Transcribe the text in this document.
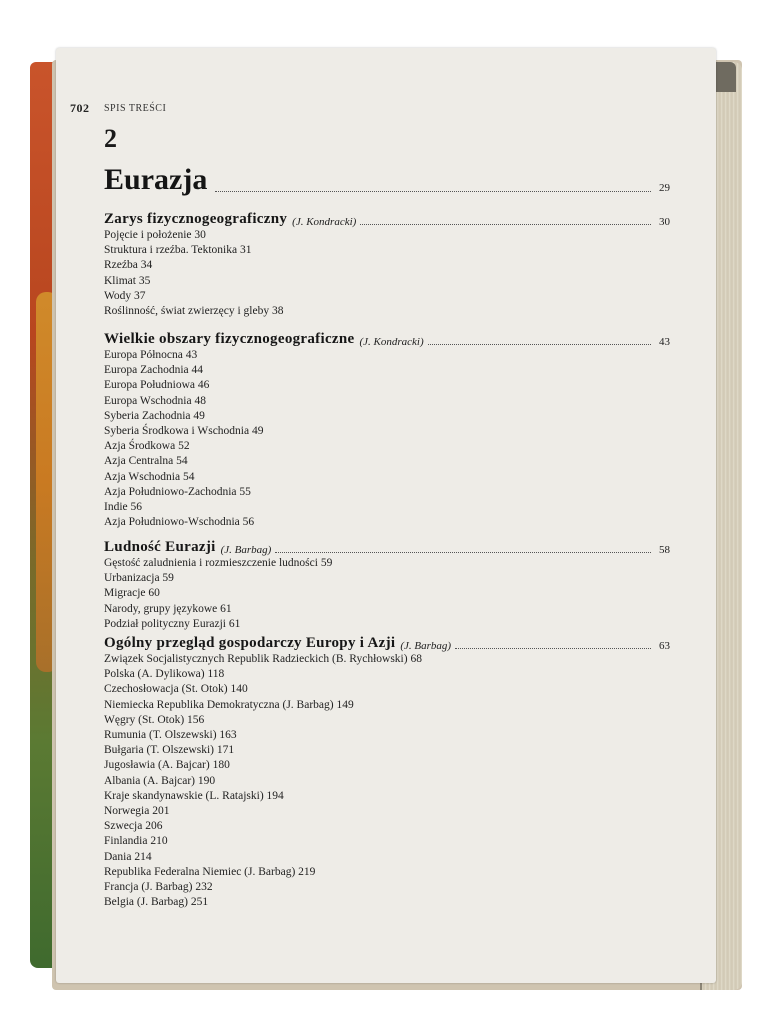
702 SPIS TREŚCI
2
Eurazja	29
Zarys fizycznogeograficzny (J. Kondracki)	30
Pojęcie i położenie 30
Struktura i rzeźba. Tektonika 31
Rzeźba 34
Klimat 35
Wody 37
Roślinność, świat zwierzęcy i gleby 38
Wielkie obszary fizycznogeograficzne (J. Kondracki)	43
Europa Północna 43
Europa Zachodnia 44
Europa Południowa 46
Europa Wschodnia 48
Syberia Zachodnia 49
Syberia Środkowa i Wschodnia 49
Azja Środkowa 52
Azja Centralna 54
Azja Wschodnia 54
Azja Południowo-Zachodnia 55
Indie 56
Azja Południowo-Wschodnia 56
Ludność Eurazji (J. Barbag)	58
Gęstość zaludnienia i rozmieszczenie ludności 59
Urbanizacja 59
Migracje 60
Narody, grupy językowe 61
Podział polityczny Eurazji 61
Ogólny przegląd gospodarczy Europy i Azji (J. Barbag)	63
Związek Socjalistycznych Republik Radzieckich (B. Rychłowski) 68
Polska (A. Dylikowa) 118
Czechosłowacja (St. Otok) 140
Niemiecka Republika Demokratyczna (J. Barbag) 149
Węgry (St. Otok) 156
Rumunia (T. Olszewski) 163
Bułgaria (T. Olszewski) 171
Jugosławia (A. Bajcar) 180
Albania (A. Bajcar) 190
Kraje skandynawskie (L. Ratajski) 194
Norwegia 201
Szwecja 206
Finlandia 210
Dania 214
Republika Federalna Niemiec (J. Barbag) 219
Francja (J. Barbag) 232
Belgia (J. Barbag) 251
